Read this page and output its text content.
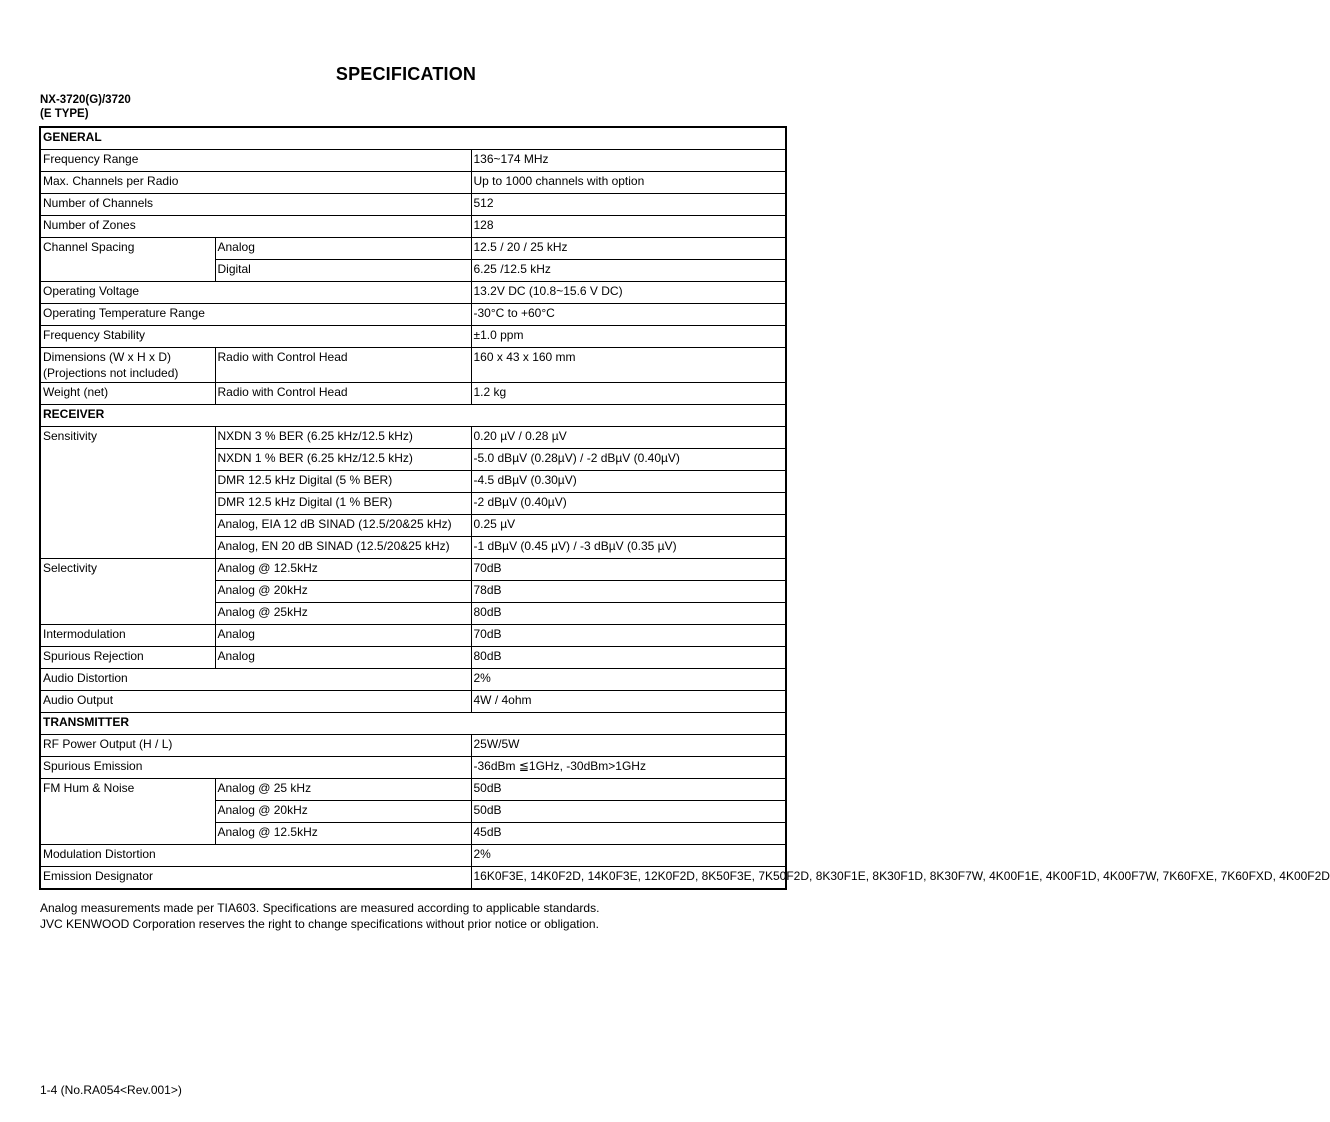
SPECIFICATION
NX-3720(G)/3720
(E TYPE)
GENERAL		
Frequency Range		136~174 MHz
Max. Channels per Radio		Up to 1000 channels with option
Number of Channels		512
Number of Zones		128
Channel Spacing	Analog	12.5 / 20 / 25 kHz
	Digital	6.25 /12.5 kHz
Operating Voltage		13.2V DC (10.8~15.6 V DC)
Operating Temperature Range		-30°C to +60°C
Frequency Stability		±1.0 ppm

Dimensions (W x H x D)
(Projections not included)	Radio with Control Head	160 x 43 x 160 mm
Weight (net)	Radio with Control Head	1.2 kg
RECEIVER		
Sensitivity	NXDN 3 % BER (6.25 kHz/12.5 kHz)	0.20 µV / 0.28 µV
	NXDN 1 % BER (6.25 kHz/12.5 kHz)	-5.0 dBµV (0.28µV) / -2 dBµV (0.40µV)
	DMR 12.5 kHz Digital (5 % BER)	-4.5 dBµV (0.30µV)
	DMR 12.5 kHz Digital (1 % BER)	-2 dBµV (0.40µV)
	Analog, EIA 12 dB SINAD (12.5/20&25 kHz)	0.25 µV
	Analog, EN 20 dB SINAD (12.5/20&25 kHz)	-1 dBµV (0.45 µV) / -3 dBµV (0.35 µV)
Selectivity	Analog @ 12.5kHz	70dB
	Analog @ 20kHz	78dB
	Analog @ 25kHz	80dB
Intermodulation	Analog	70dB
Spurious Rejection	Analog	80dB
Audio Distortion		2%
Audio Output		4W / 4ohm
TRANSMITTER		
RF Power Output (H / L)		25W/5W
Spurious Emission		-36dBm ≦1GHz, -30dBm>1GHz
FM Hum & Noise	Analog @ 25 kHz	50dB
	Analog @ 20kHz	50dB
	Analog @ 12.5kHz	45dB
Modulation Distortion		2%
Emission Designator		16K0F3E, 14K0F2D, 14K0F3E, 12K0F2D, 8K50F3E, 7K50F2D, 8K30F1E, 8K30F1D, 8K30F7W, 4K00F1E, 4K00F1D, 4K00F7W, 7K60FXE, 7K60FXD, 4K00F2D
Analog measurements made per TIA603. Specifications are measured according to applicable standards.
JVC KENWOOD Corporation reserves the right to change specifications without prior notice or obligation.
1-4 (No.RA054<Rev.001>)
